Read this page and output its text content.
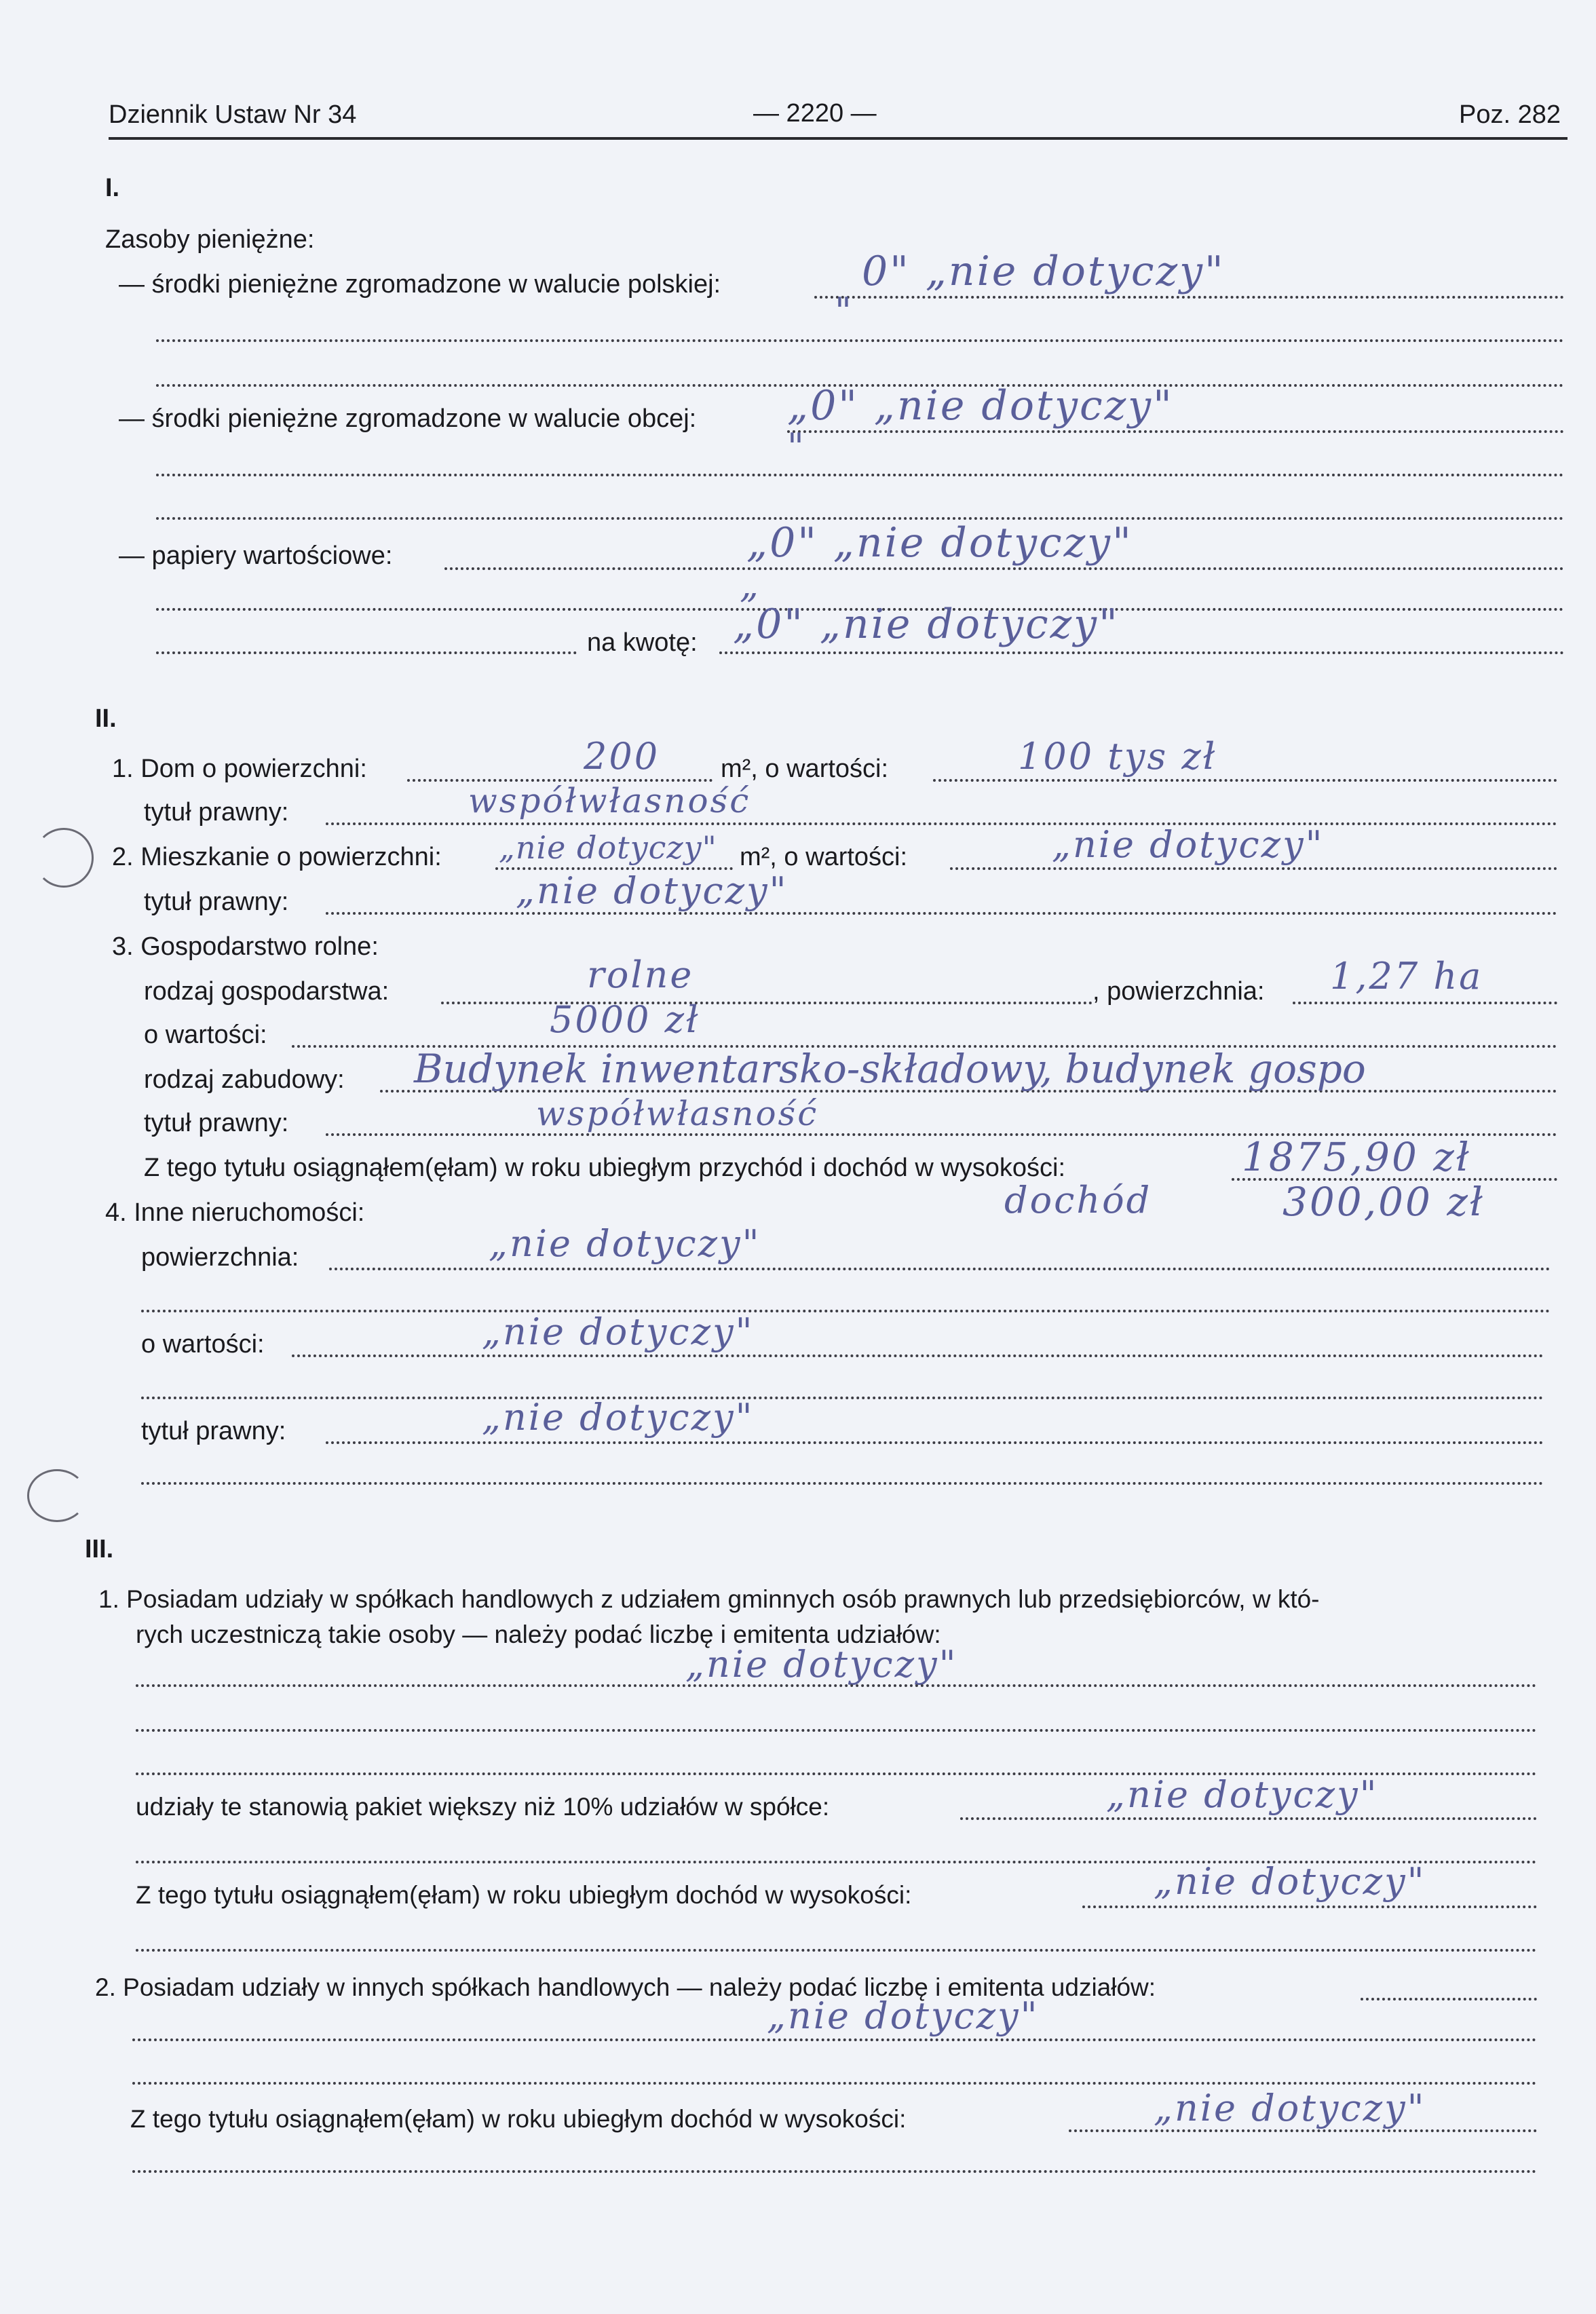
Dziennik Ustaw Nr 34	— 2220 —	Poz. 282
I.
Zasoby pieniężne:
— środki pieniężne zgromadzone w walucie polskiej:	0" „nie dotyczy"
"
— środki pieniężne zgromadzone w walucie obcej: „0" „nie dotyczy"
"
— papiery wartościowe:	„0" „nie dotyczy"
„
na kwotę: „0" „nie dotyczy"
II.
1. Dom o powierzchni:	200 m², o wartości:	100 tys zł
tytuł prawny:	współwłasność
2. Mieszkanie o powierzchni: „nie dotyczy" m², o wartości:	„nie dotyczy"
tytuł prawny:	„nie dotyczy"
3. Gospodarstwo rolne:
rodzaj gospodarstwa:	rolne	, powierzchnia: 1,27 ha
o wartości:	5000 zł
rodzaj zabudowy: Budynek inwentarsko-składowy, budynek gospo
tytuł prawny:	współwłasność
Z tego tytułu osiągnąłem(ęłam) w roku ubiegłym przychód i dochód w wysokości:	1875,90 zł
4. Inne nieruchomości:	dochód	300,00 zł
powierzchnia:	„nie dotyczy"
o wartości:	„nie dotyczy"
tytuł prawny:	„nie dotyczy"
III.
1. Posiadam udziały w spółkach handlowych z udziałem gminnych osób prawnych lub przedsiębiorców, w któ-
rych uczestniczą takie osoby — należy podać liczbę i emitenta udziałów:
„nie dotyczy"
udziały te stanowią pakiet większy niż 10% udziałów w spółce:	„nie dotyczy"
Z tego tytułu osiągnąłem(ęłam) w roku ubiegłym dochód w wysokości:	„nie dotyczy"
2. Posiadam udziały w innych spółkach handlowych — należy podać liczbę i emitenta udziałów:
„nie dotyczy"
Z tego tytułu osiągnąłem(ęłam) w roku ubiegłym dochód w wysokości:	„nie dotyczy"
